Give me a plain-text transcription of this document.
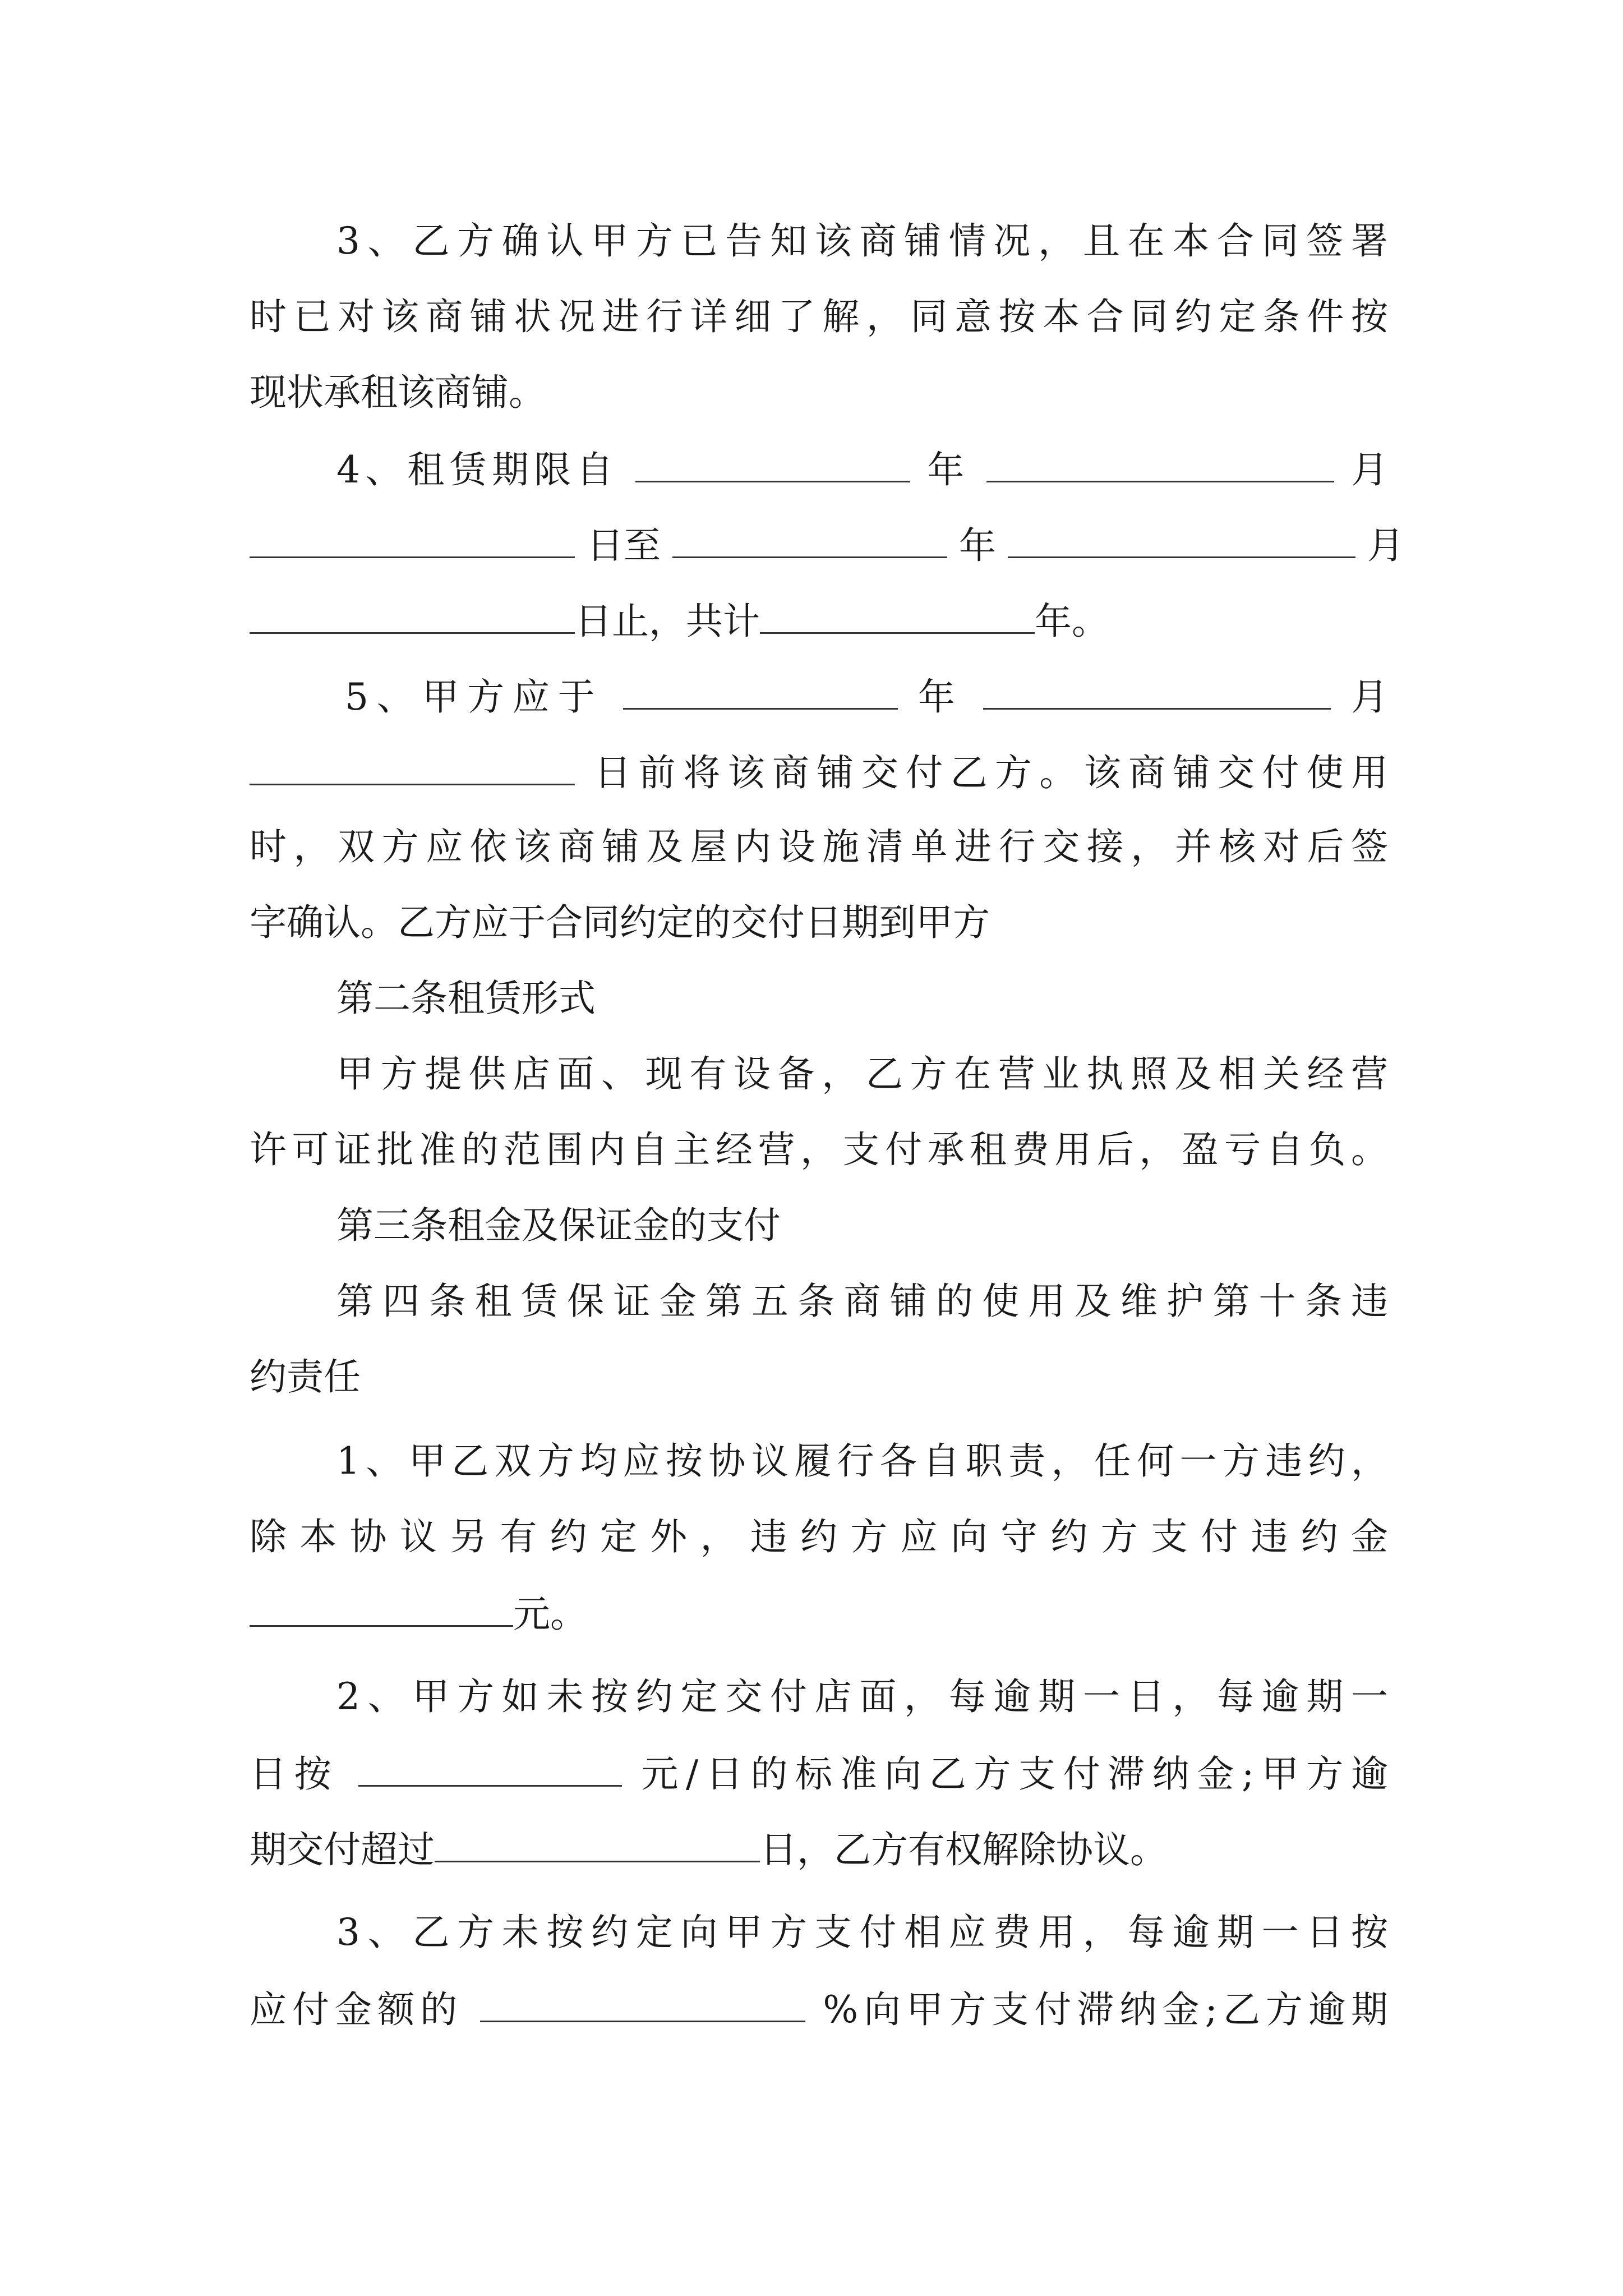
3、乙方确认甲方已告知该商铺情况，且在本合同签署
时已对该商铺状况进行详细了解，同意按本合同约定条件按
现状承租该商铺。
4、租赁期限自	年	月
日至	年	月
日止，共计	年。
5、甲方应于	年	月
日前将该商铺交付乙方。该商铺交付使用
时，双方应依该商铺及屋内设施清单进行交接，并核对后签
字确认。乙方应于合同约定的交付日期到甲方
第二条租赁形式
甲方提供店面、现有设备，乙方在营业执照及相关经营
许可证批准的范围内自主经营，支付承租费用后，盈亏自负。
第三条租金及保证金的支付
第四条租赁保证金第五条商铺的使用及维护第十条违
约责任
1、甲乙双方均应按协议履行各自职责，任何一方违约，
除本协议另有约定外，违约方应向守约方支付违约金
元。
2、甲方如未按约定交付店面，每逾期一日，每逾期一
日按	元/日的标准向乙方支付滞纳金;甲方逾
期交付超过	日，乙方有权解除协议。
3、乙方未按约定向甲方支付相应费用，每逾期一日按
应付金额的	%向甲方支付滞纳金;乙方逾期
